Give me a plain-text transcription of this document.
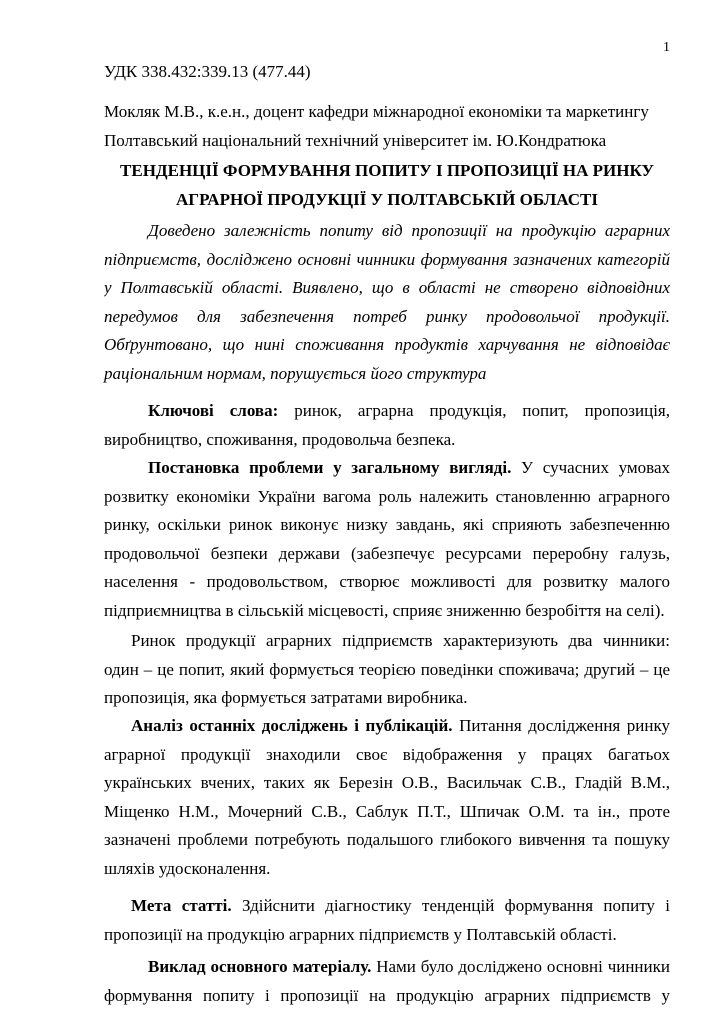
1
УДК 338.432:339.13 (477.44)
Мокляк М.В., к.е.н., доцент кафедри міжнародної економіки та маркетингу
Полтавський національний технічний університет ім. Ю.Кондратюка
ТЕНДЕНЦІЇ ФОРМУВАННЯ ПОПИТУ І ПРОПОЗИЦІЇ НА РИНКУ
АГРАРНОЇ ПРОДУКЦІЇ У ПОЛТАВСЬКІЙ ОБЛАСТІ
Доведено залежність попиту від пропозиції на продукцію аграрних
підприємств, досліджено основні чинники формування зазначених категорій
у Полтавській області. Виявлено, що в області не створено відповідних
передумов для забезпечення потреб ринку продовольчої продукції.
Обґрунтовано, що нині споживання продуктів харчування не відповідає
раціональним нормам, порушується його структура
Ключові слова: ринок, аграрна продукція, попит, пропозиція,
виробництво, споживання, продовольча безпека.
Постановка проблеми у загальному вигляді. У сучасних умовах
розвитку економіки України вагома роль належить становленню аграрного
ринку, оскільки ринок виконує низку завдань, які сприяють забезпеченню
продовольчої безпеки держави (забезпечує ресурсами переробну галузь,
населення - продовольством, створює можливості для розвитку малого
підприємництва в сільській місцевості, сприяє зниженню безробіття на селі).
Ринок продукції аграрних підприємств характеризують два чинники:
один – це попит, який формується теорією поведінки споживача; другий – це
пропозиція, яка формується затратами виробника.
Аналіз останніх досліджень і публікацій. Питання дослідження ринку
аграрної продукції знаходили своє відображення у працях багатьох
українських вчених, таких як Березін О.В., Васильчак С.В., Гладій В.М.,
Міщенко Н.М., Мочерний С.В., Саблук П.Т., Шпичак О.М. та ін., проте
зазначені проблеми потребують подальшого глибокого вивчення та пошуку
шляхів удосконалення.
Мета статті. Здійснити діагностику тенденцій формування попиту і
пропозиції на продукцію аграрних підприємств у Полтавській області.
Виклад основного матеріалу. Нами було досліджено основні чинники
формування попиту і пропозиції на продукцію аграрних підприємств у
